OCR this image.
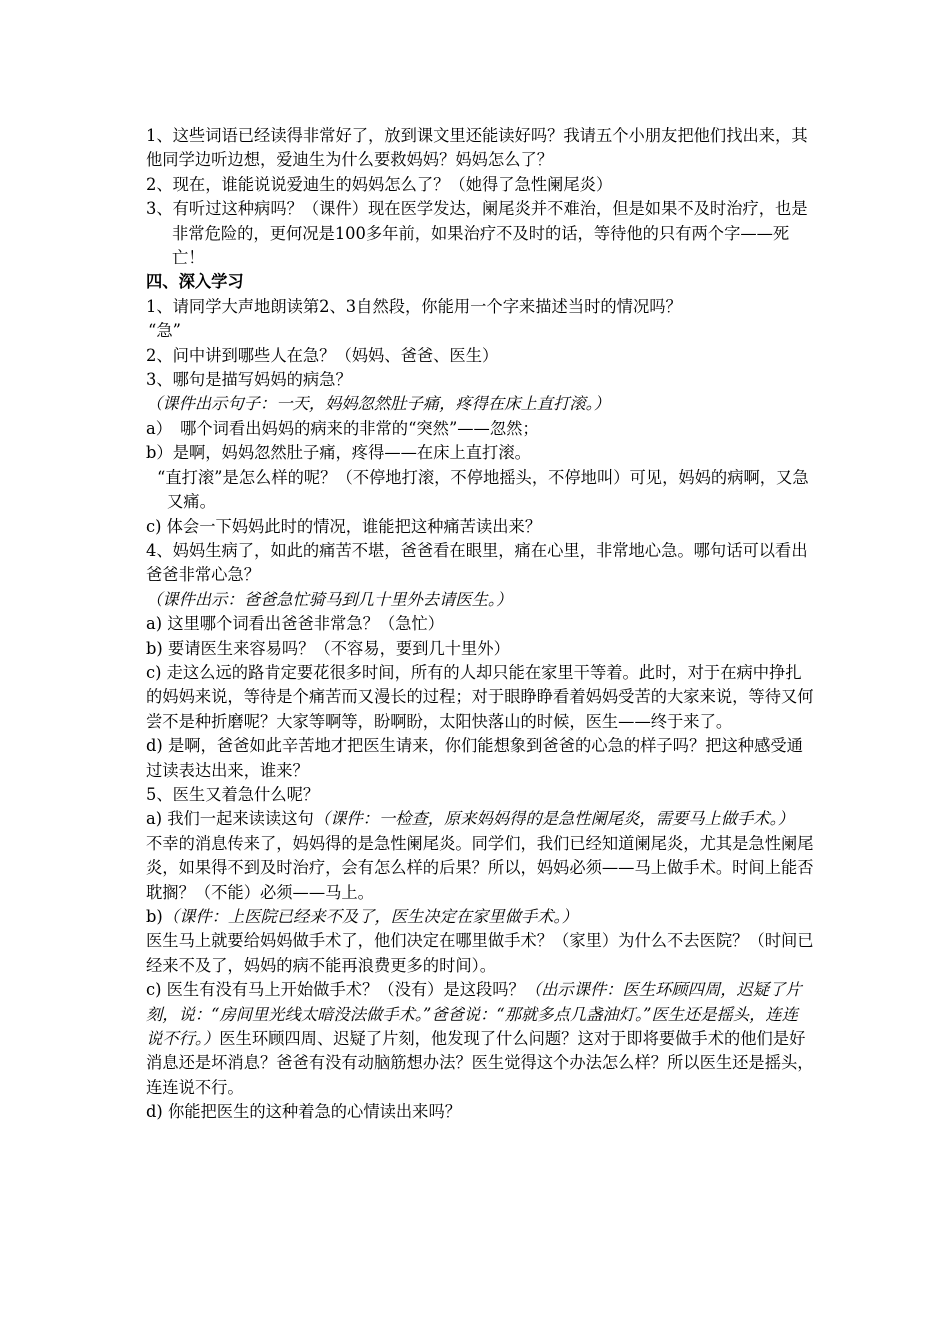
1、这些词语已经读得非常好了，放到课文里还能读好吗？我请五个小朋友把他们找出来，其他同学边听边想，爱迪生为什么要救妈妈？妈妈怎么了？

2、现在，谁能说说爱迪生的妈妈怎么了？（她得了急性阑尾炎）

3、有听过这种病吗？（课件）现在医学发达，阑尾炎并不难治，但是如果不及时治疗，也是非常危险的，更何况是100多年前，如果治疗不及时的话，等待他的只有两个字——死亡！

四、深入学习

1、请同学大声地朗读第2、3自然段，你能用一个字来描述当时的情况吗？

“急”

2、问中讲到哪些人在急？（妈妈、爸爸、医生）

3、哪句是描写妈妈的病急？（课件出示句子：一天，妈妈忽然肚子痛，疼得在床上直打滚。）

a）　哪个词看出妈妈的病来的非常的“突然”——忽然；

b）是啊，妈妈忽然肚子痛，疼得——在床上直打滚。

“直打滚”是怎么样的呢？（不停地打滚，不停地摇头，不停地叫）可见，妈妈的病啊，又急又痛。

c) 体会一下妈妈此时的情况，谁能把这种痛苦读出来？

4、妈妈生病了，如此的痛苦不堪，爸爸看在眼里，痛在心里，非常地心急。哪句话可以看出爸爸非常心急？

（课件出示：爸爸急忙骑马到几十里外去请医生。）

a) 这里哪个词看出爸爸非常急？（急忙）

b) 要请医生来容易吗？（不容易，要到几十里外）

c) 走这么远的路肯定要花很多时间，所有的人却只能在家里干等着。此时，对于在病中挣扎的妈妈来说，等待是个痛苦而又漫长的过程；对于眼睁睁看着妈妈受苦的大家来说，等待又何尝不是种折磨呢？大家等啊等，盼啊盼，太阳快落山的时候，医生——终于来了。

d) 是啊，爸爸如此辛苦地才把医生请来，你们能想象到爸爸的心急的样子吗？把这种感受通过读表达出来，谁来？

5、医生又着急什么呢？

a) 我们一起来读读这句（课件：一检查，原来妈妈得的是急性阑尾炎，需要马上做手术。）

不幸的消息传来了，妈妈得的是急性阑尾炎。同学们，我们已经知道阑尾炎，尤其是急性阑尾炎，如果得不到及时治疗，会有怎么样的后果？所以，妈妈必须——马上做手术。时间上能否耽搁？（不能）必须——马上。

b)（课件：上医院已经来不及了，医生决定在家里做手术。）

医生马上就要给妈妈做手术了，他们决定在哪里做手术？（家里）为什么不去医院？（时间已经来不及了，妈妈的病不能再浪费更多的时间）。

c) 医生有没有马上开始做手术？（没有）是这段吗？（出示课件：医生环顾四周，迟疑了片刻，说：“房间里光线太暗没法做手术。”爸爸说：“那就多点几盏油灯。”医生还是摇头，连连说不行。）医生环顾四周、迟疑了片刻，他发现了什么问题？这对于即将要做手术的他们是好消息还是坏消息？爸爸有没有动脑筋想办法？医生觉得这个办法怎么样？所以医生还是摇头，连连说不行。

d) 你能把医生的这种着急的心情读出来吗？
